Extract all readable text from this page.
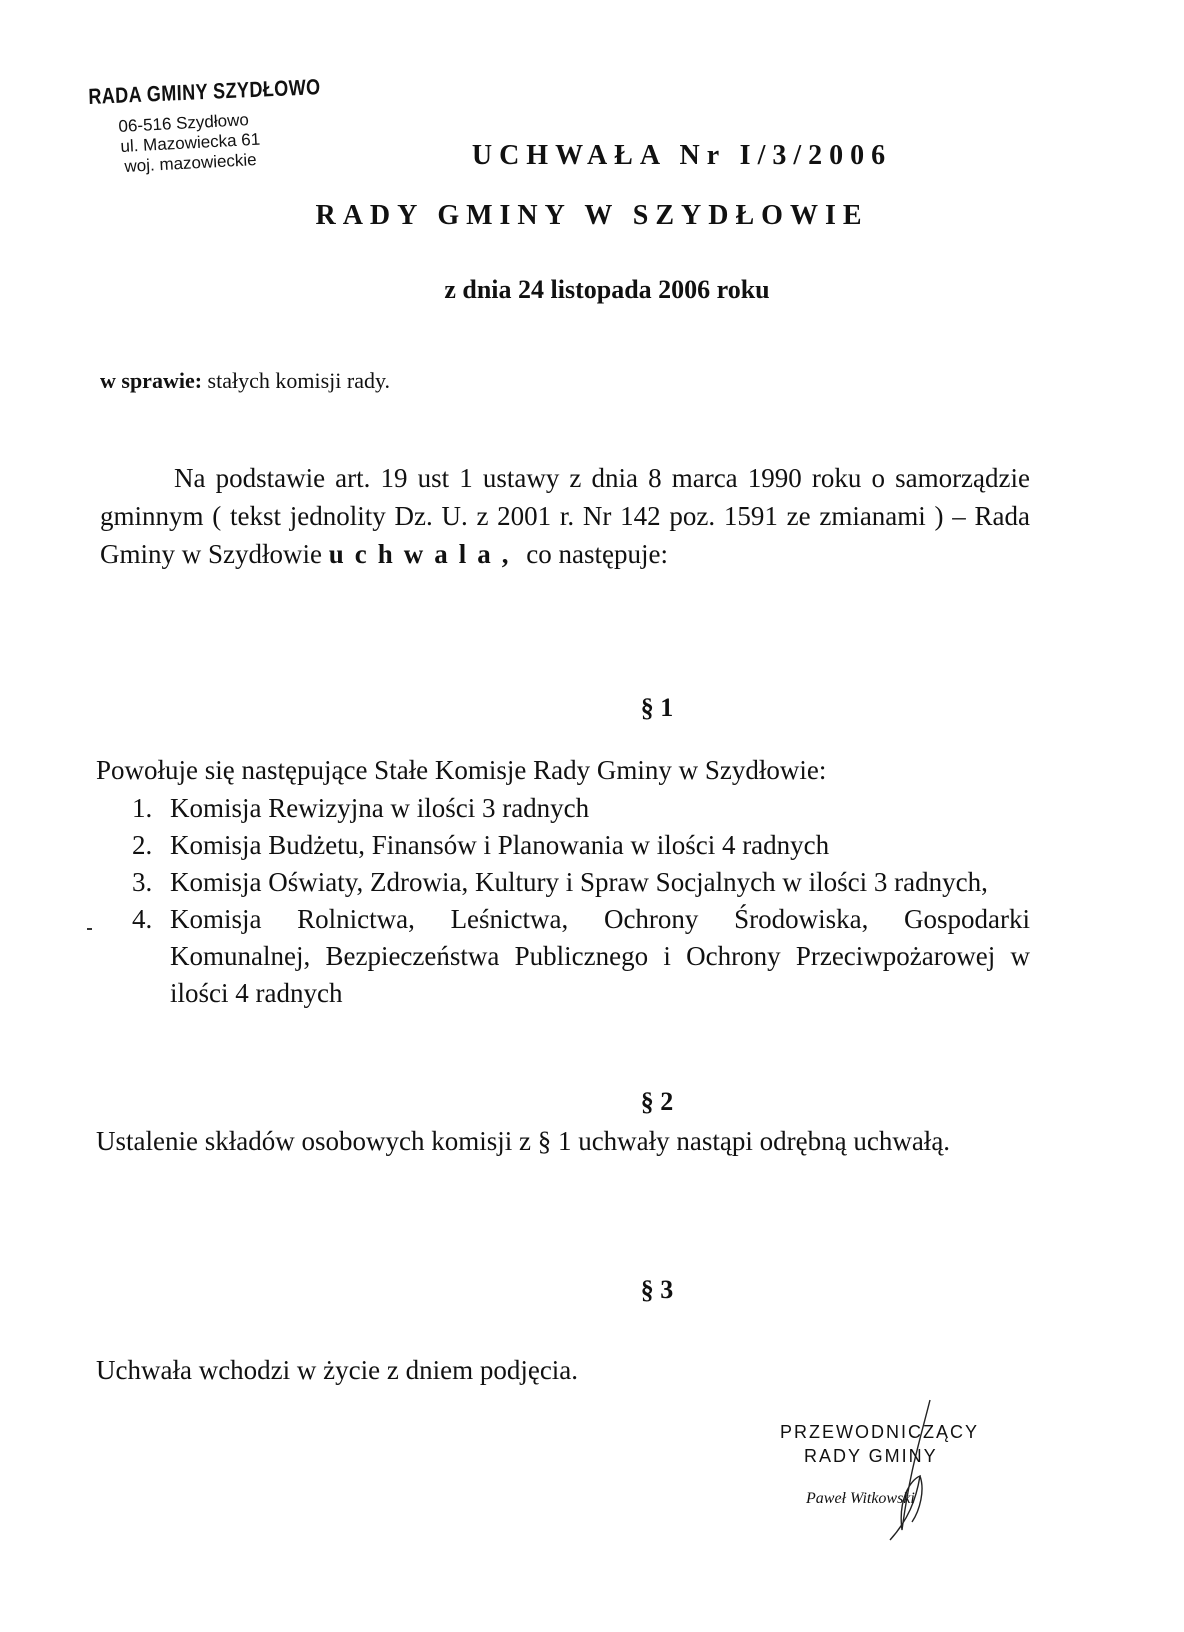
RADA GMINY SZYDŁOWO
06-516 Szydłowo
ul. Mazowiecka 61
woj. mazowieckie	UCHWAŁA Nr I/3/2006
RADY GMINY W SZYDŁOWIE
z dnia 24 listopada 2006 roku
w sprawie: stałych komisji rady.
Na podstawie art. 19 ust 1 ustawy z dnia 8 marca 1990 roku o samorządzie gminnym ( tekst jednolity Dz. U. z 2001 r. Nr 142 poz. 1591 ze zmianami ) – Rada Gminy w Szydłowie uchwala, co następuje:
§ 1
Powołuje się następujące Stałe Komisje Rady Gminy w Szydłowie:
1. Komisja Rewizyjna w ilości 3 radnych
2. Komisja Budżetu, Finansów i Planowania w ilości 4 radnych
3. Komisja Oświaty, Zdrowia, Kultury i Spraw Socjalnych w ilości 3 radnych,
4. Komisja Rolnictwa, Leśnictwa, Ochrony Środowiska, Gospodarki Komunalnej, Bezpieczeństwa Publicznego i Ochrony Przeciwpożarowej w ilości 4 radnych
§ 2
Ustalenie składów osobowych komisji z § 1 uchwały nastąpi odrębną uchwałą.
§ 3
Uchwała wchodzi w życie z dniem podjęcia.
PRZEWODNICZĄCY
RADY GMINY
Paweł Witkowski
